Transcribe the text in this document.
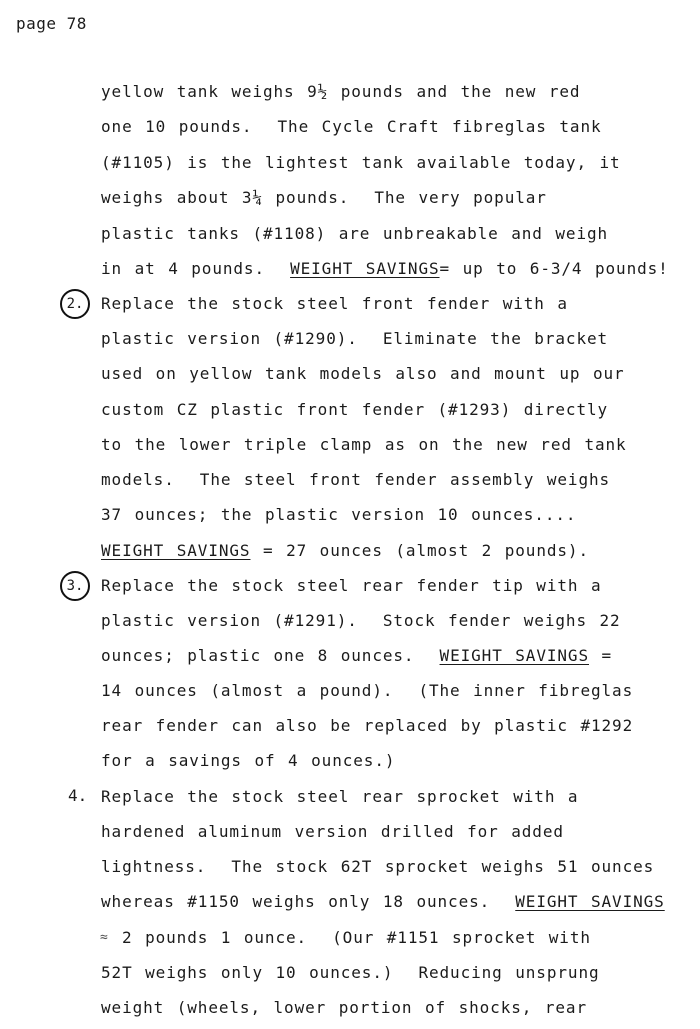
page 78
2.
3.
4.
≈
yellow tank weighs 9½ pounds and the new red
one 10 pounds.  The Cycle Craft fibreglas tank
(#1105) is the lightest tank available today, it
weighs about 3¼ pounds.  The very popular
plastic tanks (#1108) are unbreakable and weigh
in at 4 pounds.  WEIGHT SAVINGS= up to 6-3/4 pounds!
Replace the stock steel front fender with a
plastic version (#1290).  Eliminate the bracket
used on yellow tank models also and mount up our
custom CZ plastic front fender (#1293) directly
to the lower triple clamp as on the new red tank
models.  The steel front fender assembly weighs
37 ounces; the plastic version 10 ounces....
WEIGHT SAVINGS = 27 ounces (almost 2 pounds).
Replace the stock steel rear fender tip with a
plastic version (#1291).  Stock fender weighs 22
ounces; plastic one 8 ounces.  WEIGHT SAVINGS =
14 ounces (almost a pound).  (The inner fibreglas
rear fender can also be replaced by plastic #1292
for a savings of 4 ounces.)
Replace the stock steel rear sprocket with a
hardened aluminum version drilled for added
lightness.  The stock 62T sprocket weighs 51 ounces
whereas #1150 weighs only 18 ounces.  WEIGHT SAVINGS
2 pounds 1 ounce.  (Our #1151 sprocket with
52T weighs only 10 ounces.)  Reducing unsprung
weight (wheels, lower portion of shocks, rear
